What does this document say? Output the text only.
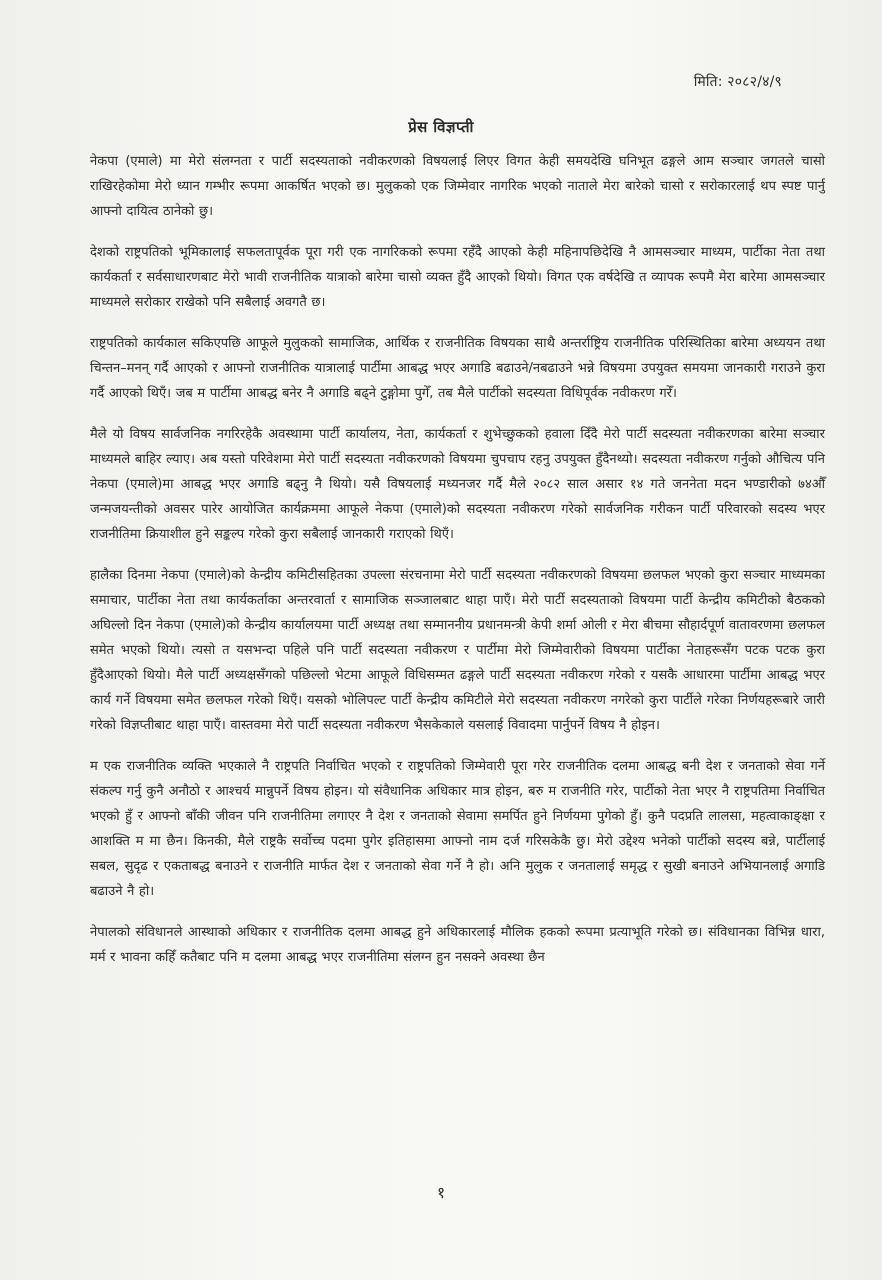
मिति: २०८२/४/९
प्रेस विज्ञप्ती

नेकपा (एमाले) मा मेरो संलग्नता र पार्टी सदस्यताको नवीकरणको विषयलाई लिएर विगत केही समयदेखि घनिभूत ढङ्गले आम सञ्चार जगतले चासो राखिरहेकोमा मेरो ध्यान गम्भीर रूपमा आकर्षित भएको छ। मुलुकको एक जिम्मेवार नागरिक भएको नाताले मेरा बारेको चासो र सरोकारलाई थप स्पष्ट पार्नु आफ्नो दायित्व ठानेको छु।

देशको राष्ट्रपतिको भूमिकालाई सफलतापूर्वक पूरा गरी एक नागरिकको रूपमा रहँदै आएको केही महिनापछिदेखि नै आमसञ्चार माध्यम, पार्टीका नेता तथा कार्यकर्ता र सर्वसाधारणबाट मेरो भावी राजनीतिक यात्राको बारेमा चासो व्यक्त हुँदै आएको थियो। विगत एक वर्षदेखि त व्यापक रूपमै मेरा बारेमा आमसञ्चार माध्यमले सरोकार राखेको पनि सबैलाई अवगतै छ।

राष्ट्रपतिको कार्यकाल सकिएपछि आफूले मुलुकको सामाजिक, आर्थिक र राजनीतिक विषयका साथै अन्तर्राष्ट्रिय राजनीतिक परिस्थितिका बारेमा अध्ययन तथा चिन्तन–मनन् गर्दै आएको र आफ्नो राजनीतिक यात्रालाई पार्टीमा आबद्ध भएर अगाडि बढाउने/नबढाउने भन्ने विषयमा उपयुक्त समयमा जानकारी गराउने कुरा गर्दै आएको थिएँ। जब म पार्टीमा आबद्ध बनेर नै अगाडि बढ्ने टुङ्गोमा पुगेँ, तब मैले पार्टीको सदस्यता विधिपूर्वक नवीकरण गरेँ।

मैले यो विषय सार्वजनिक नगरिरहेकै अवस्थामा पार्टी कार्यालय, नेता, कार्यकर्ता र शुभेच्छुकको हवाला दिँदै मेरो पार्टी सदस्यता नवीकरणका बारेमा सञ्चार माध्यमले बाहिर ल्याए। अब यस्तो परिवेशमा मेरो पार्टी सदस्यता नवीकरणको विषयमा चुपचाप रहनु उपयुक्त हुँदैनथ्यो। सदस्यता नवीकरण गर्नुको औचित्य पनि नेकपा (एमाले)मा आबद्ध भएर अगाडि बढ्नु नै थियो। यसै विषयलाई मध्यनजर गर्दै मैले २०८२ साल असार १४ गते जननेता मदन भण्डारीको ७४औँ जन्मजयन्तीको अवसर पारेर आयोजित कार्यक्रममा आफूले नेकपा (एमाले)को सदस्यता नवीकरण गरेको सार्वजनिक गरीकन पार्टी परिवारको सदस्य भएर राजनीतिमा क्रियाशील हुने सङ्कल्प गरेको कुरा सबैलाई जानकारी गराएको थिएँ।

हालैका दिनमा नेकपा (एमाले)को केन्द्रीय कमिटीसहितका उपल्ला संरचनामा मेरो पार्टी सदस्यता नवीकरणको विषयमा छलफल भएको कुरा सञ्चार माध्यमका समाचार, पार्टीका नेता तथा कार्यकर्ताका अन्तरवार्ता र सामाजिक सञ्जालबाट थाहा पाएँ। मेरो पार्टी सदस्यताको विषयमा पार्टी केन्द्रीय कमिटीको बैठकको अघिल्लो दिन नेकपा (एमाले)को केन्द्रीय कार्यालयमा पार्टी अध्यक्ष तथा सम्माननीय प्रधानमन्त्री केपी शर्मा ओली र मेरा बीचमा सौहार्दपूर्ण वातावरणमा छलफल समेत भएको थियो। त्यसो त यसभन्दा पहिले पनि पार्टी सदस्यता नवीकरण र पार्टीमा मेरो जिम्मेवारीको विषयमा पार्टीका नेताहरूसँग पटक पटक कुरा हुँदैआएको थियो। मैले पार्टी अध्यक्षसँगको पछिल्लो भेटमा आफूले विधिसम्मत ढङ्गले पार्टी सदस्यता नवीकरण गरेको र यसकै आधारमा पार्टीमा आबद्ध भएर कार्य गर्ने विषयमा समेत छलफल गरेको थिएँ। यसको भोलिपल्ट पार्टी केन्द्रीय कमिटीले मेरो सदस्यता नवीकरण नगरेको कुरा पार्टीले गरेका निर्णयहरूबारे जारी गरेको विज्ञप्तीबाट थाहा पाएँ। वास्तवमा मेरो पार्टी सदस्यता नवीकरण भैसकेकाले यसलाई विवादमा पार्नुपर्ने विषय नै होइन।

म एक राजनीतिक व्यक्ति भएकाले नै राष्ट्रपति निर्वाचित भएको र राष्ट्रपतिको जिम्मेवारी पूरा गरेर राजनीतिक दलमा आबद्ध बनी देश र जनताको सेवा गर्ने संकल्प गर्नु कुनै अनौठो र आश्चर्य मान्नुपर्ने विषय होइन। यो संवैधानिक अधिकार मात्र होइन, बरु म राजनीति गरेर, पार्टीको नेता भएर नै राष्ट्रपतिमा निर्वाचित भएको हुँ र आफ्नो बाँकी जीवन पनि राजनीतिमा लगाएर नै देश र जनताको सेवामा समर्पित हुने निर्णयमा पुगेको हुँ। कुनै पदप्रति लालसा, महत्वाकाङ्क्षा र आशक्ति म मा छैन। किनकी, मैले राष्ट्रकै सर्वोच्च पदमा पुगेर इतिहासमा आफ्नो नाम दर्ज गरिसकेकै छु। मेरो उद्देश्य भनेको पार्टीको सदस्य बन्ने, पार्टीलाई सबल, सुदृढ र एकताबद्ध बनाउने र राजनीति मार्फत देश र जनताको सेवा गर्ने नै हो। अनि मुलुक र जनतालाई समृद्ध र सुखी बनाउने अभियानलाई अगाडि बढाउने नै हो।

नेपालको संविधानले आस्थाको अधिकार र राजनीतिक दलमा आबद्ध हुने अधिकारलाई मौलिक हकको रूपमा प्रत्याभूति गरेको छ। संविधानका विभिन्न धारा, मर्म र भावना कहिँ कतैबाट पनि म दलमा आबद्ध भएर राजनीतिमा संलग्न हुन नसक्ने अवस्था छैन

१
